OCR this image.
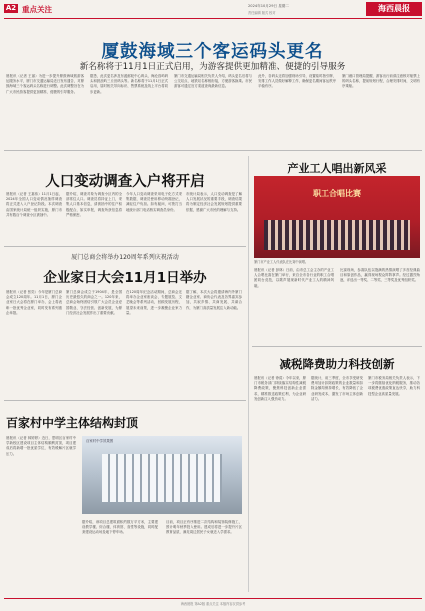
A2 重点关注	2024年10月29日 星期二
责任编辑 版式 校对	海西晨报
厦鼓海域三个客运码头更名
新名称将于11月1日正式启用，为游客提供更加精准、便捷的引导服务
晨报讯（记者 王丽）为进一步提升厦鼓海域旅游客运服务水平，厦门市交通运输局近日发布通告，对厦鼓海域三个客运码头名称进行调整。此次调整旨在为广大市民游客提供更加精准、便捷的引导服务。
据悉，此次更名涉及东渡邮轮中心码头、海沧嵩屿码头和鼓浪屿三丘田码头等。新名称将于11月1日正式启用，届时相关导向标识、售票系统及线上平台将同步更新。
厦门市交通运输局相关负责人介绍，码头更名后将与公交站点、地铁站名称相衔接，方便游客换乘。市民游客可通过官方渠道查询最新信息。
此外，各码头还将加强现场引导，设置临时指引牌，安排工作人员做好解释工作，确保更名期间客运秩序平稳有序。
厦门港口管理局提醒，游客出行前请注意核对船票上的码头名称，提前规划行程，合理安排时间，文明有序乘船。
人口变动调查入户将开启
晨报讯（记者 王嘉伟）11月1日起，2024年全国人口变动情况抽样调查将正式进入入户登记阶段。本次调查由国家统计局统一组织实施，厦门市共有数百个调查小区被抽中。
据介绍，调查对象为调查小区内的全部常住人口。调查员将持证上门，采集人口基本信息，请被抽中的住户积极配合，如实申报，调查所获信息将严格保密。
今年人口变动调查采用电子化方式采集数据，调查员使用移动终端登记，减轻住户负担。如有疑问，可拨打当地统计部门电话核实调查员身份。
市统计局表示，人口变动调查是了解人口发展状况的重要手段，调查结果将为制定经济社会发展规划提供重要依据，感谢广大市民的理解与支持。
产业工人唱出新风采
职工合唱比赛
厦门市产业工人代表队在比赛中演唱。
晨报讯（记者 彭林）日前，由市总工会主办的产业工人合唱比赛在厦门举行，来自全市各行业的职工合唱团同台竞技，以歌声展现新时代产业工人的精神风貌。
比赛现场，参赛队伍以饱满的热情演唱了多首经典曲目和原创作品，赢得现场观众阵阵掌声。经过激烈角逐，评选出一等奖、二等奖、三等奖及优秀组织奖。
厦门总商会将举办120周年系列庆祝活动
企业家日大会11月1日举办
晨报讯（记者 张奕）今年是厦门总商会成立120周年。11月1日，厦门企业家日大会将在厦门举办，会上将表彰一批优秀企业家，同时发布系列惠企举措。
厦门总商会成立于1904年，是全国历史最悠久的商会之一。120年来，总商会始终团结引领广大会员企业爱国敬业、守法经营、创新发展，为厦门经济社会发展作出了重要贡献。
在120周年纪念活动期间，总商会还将举办企业家座谈会、专题展览、文艺晚会等系列活动，回顾发展历程，展望未来前景，进一步凝聚企业家力量。
据了解，本次大会将邀请海内外厦门籍企业家、商协会代表及各界嘉宾参加，共叙乡情、共商发展、共谋合作，为厦门高质量发展注入新动能。
百家村中学主体结构封顶
晨报讯（记者 林婷婷）近日，思明区百家村中学新校区建设项目主体结构顺利封顶，项目建成后将新增一批优质学位，有效缓解片区就学压力。
百家村中学效果图
据介绍，该项目总建筑面积约数万平方米，主要建设教学楼、综合楼、体育馆、食堂等设施，同时配套建设运动场及地下停车场。
目前，项目正有序推进二次结构和装饰装修施工，预计明年秋季投入使用。建成后将进一步提升片区教育品质，满足周边居民子女就近入学需求。
减税降费助力科技创新
晨报讯（记者 徐清）今年以来，厦门市税务部门持续落实结构性减税降费政策，聚焦科技创新企业需求，精准推送政策红利，为企业研发创新注入强劲动力。
据统计，前三季度，全市享受研发费用加计扣除政策的企业数量和扣除金额均保持增长，有效降低了企业研发成本，激发了市场主体创新活力。
厦门市税务局相关负责人表示，下一步将继续优化纳税服务，推动各项税费优惠政策直达快享，助力科技型企业高质量发展。
海西晨报 第A2版 重点关注 本版内容仅供参考
